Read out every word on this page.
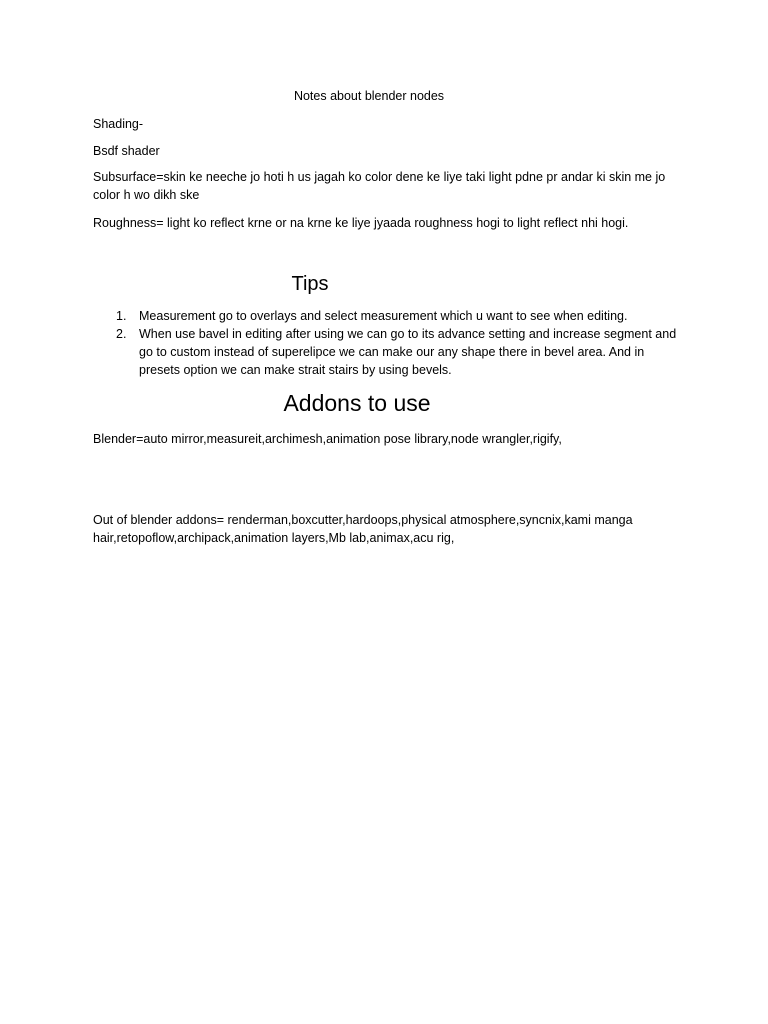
Notes about blender nodes
Shading-
Bsdf shader
Subsurface=skin ke neeche jo hoti h us jagah ko color dene ke liye taki light pdne pr andar ki skin me jo color h wo dikh ske
Roughness= light ko reflect krne or na krne ke liye jyaada roughness hogi to light reflect nhi hogi.
Tips
1. Measurement go to overlays and select measurement which u want to see when editing.
2. When use bavel in editing after using we can go to its advance setting and increase segment and go to custom instead of superelipce we can make our any shape there in bevel area. And in presets option we can make strait stairs by using bevels.
Addons to use
Blender=auto mirror,measureit,archimesh,animation pose library,node wrangler,rigify,
Out of blender addons= renderman,boxcutter,hardoops,physical atmosphere,syncnix,kami manga hair,retopoflow,archipack,animation layers,Mb lab,animax,acu rig,
